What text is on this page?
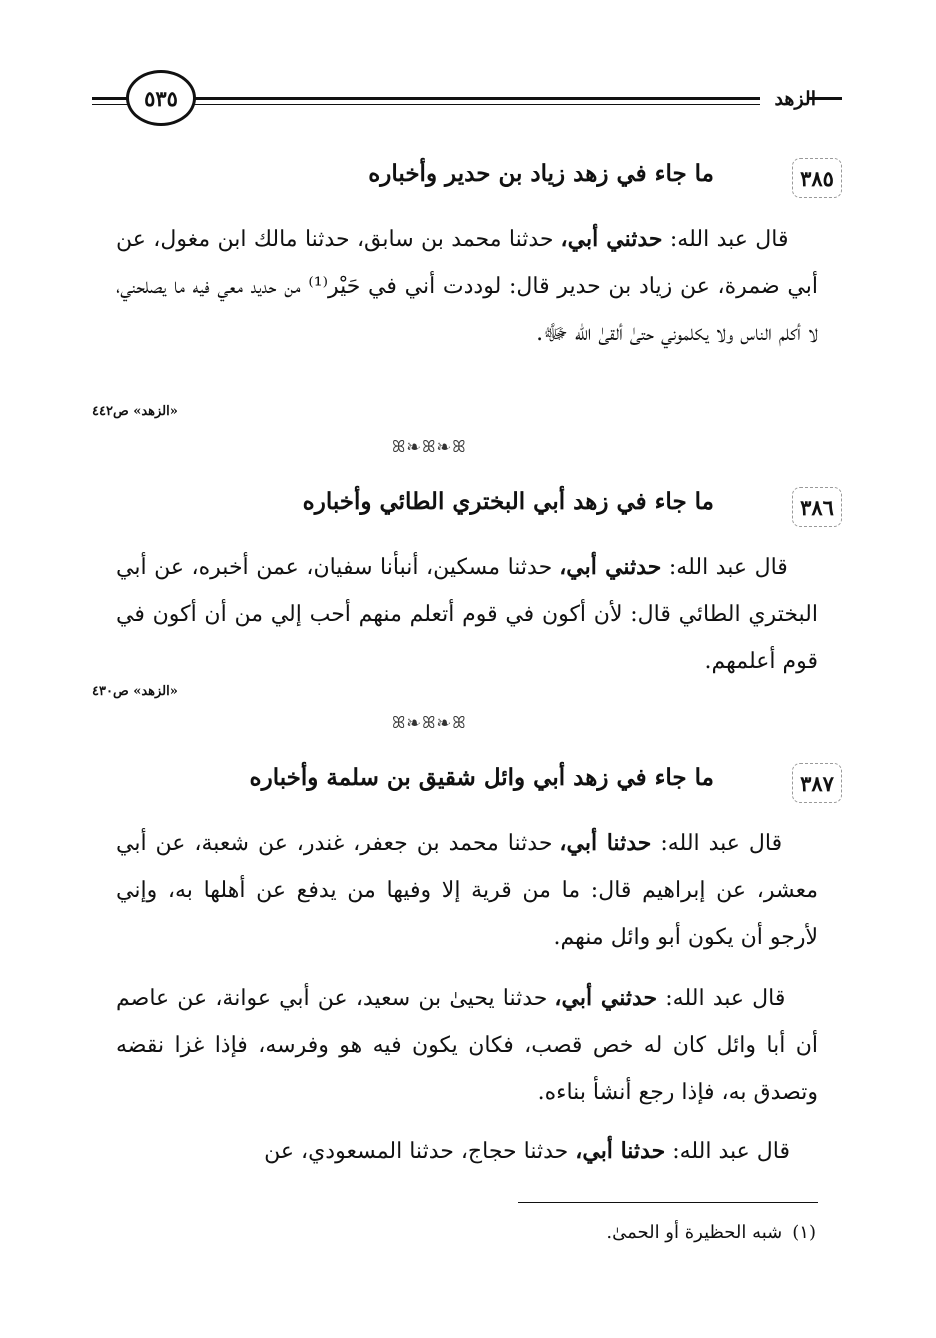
الزهد
٥٣٥
٣٨٥
ما جاء في زهد زياد بن حدير وأخباره
قال عبد الله: حدثني أبي، حدثنا محمد بن سابق، حدثنا مالك ابن مغول، عن أبي ضمرة، عن زياد بن حدير قال: لوددت أني في حَيْر⁽¹⁾ من حديد معي فيه ما يصلحني، لا أكلم الناس ولا يكلموني حتىٰ ألقىٰ الله ﷻ.
«الزهد» ص٤٤٢
ꕤ❧ꕤ❧ꕤ
٣٨٦
ما جاء في زهد أبي البختري الطائي وأخباره
قال عبد الله: حدثني أبي، حدثنا مسكين، أنبأنا سفيان، عمن أخبره، عن أبي البختري الطائي قال: لأن أكون في قوم أتعلم منهم أحب إلي من أن أكون في قوم أعلمهم.
«الزهد» ص٤٣٠
ꕤ❧ꕤ❧ꕤ
٣٨٧
ما جاء في زهد أبي وائل شقيق بن سلمة وأخباره
قال عبد الله: حدثنا أبي، حدثنا محمد بن جعفر، غندر، عن شعبة، عن أبي معشر، عن إبراهيم قال: ما من قرية إلا وفيها من يدفع عن أهلها به، وإني لأرجو أن يكون أبو وائل منهم.
قال عبد الله: حدثني أبي، حدثنا يحيىٰ بن سعيد، عن أبي عوانة، عن عاصم أن أبا وائل كان له خص قصب، فكان يكون فيه هو وفرسه، فإذا غزا نقضه وتصدق به، فإذا رجع أنشأ بناءه.
قال عبد الله: حدثنا أبي، حدثنا حجاج، حدثنا المسعودي، عن
(١)شبه الحظيرة أو الحمىٰ.
